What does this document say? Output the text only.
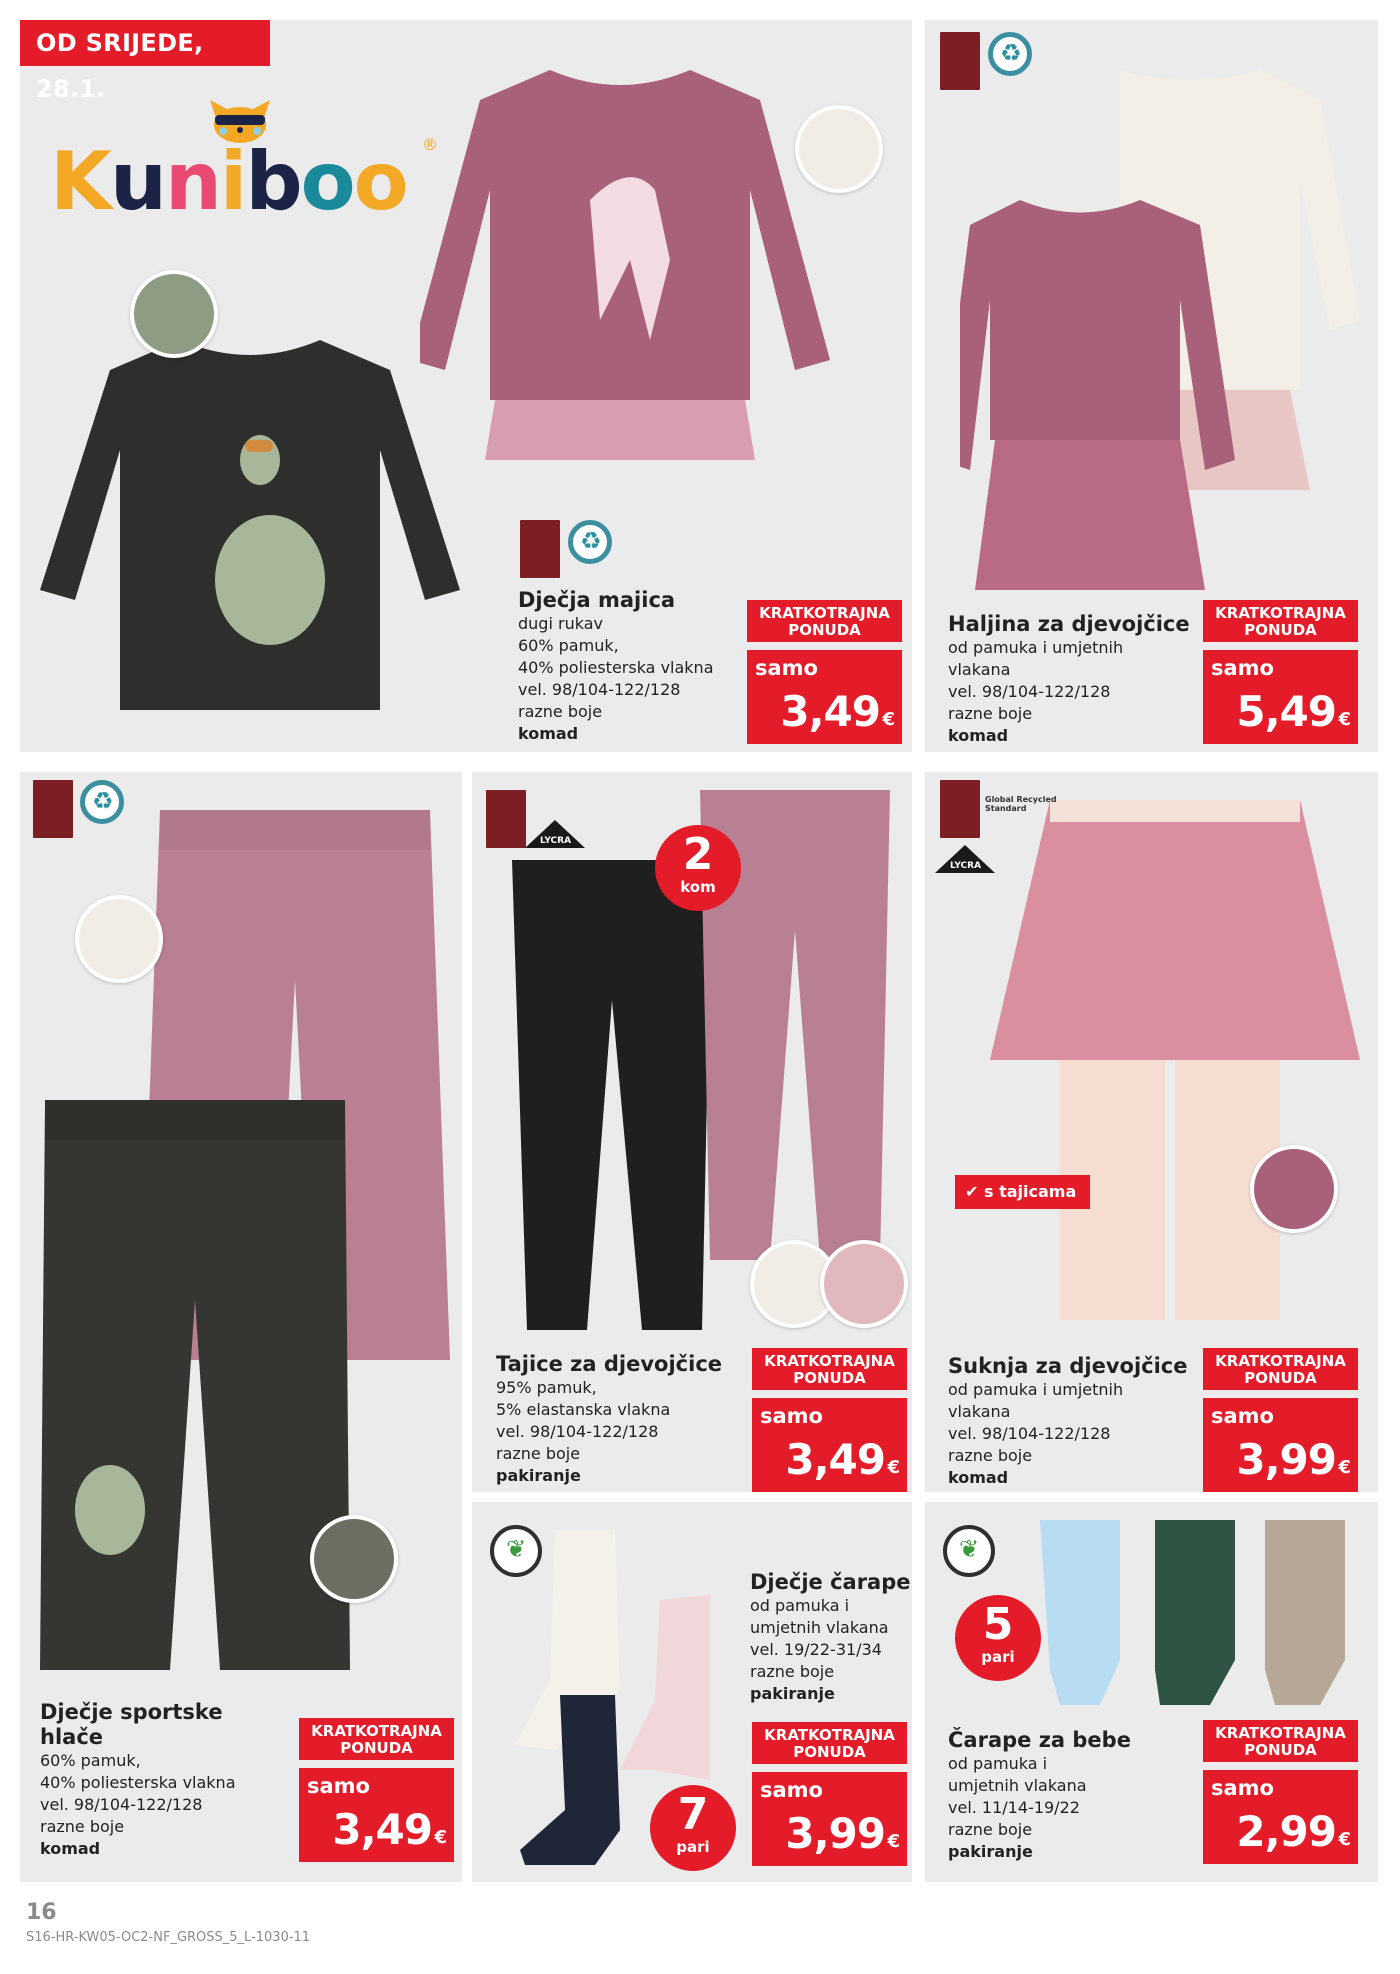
OD SRIJEDE, 28.1.
Kuniboo ®
♻
♻
♻
LYCRA
Global Recycled Standard
LYCRA
❦
❦
2
kom
7
pari
5
pari
✔ s tajicama
Dječja majica
dugi rukav
60% pamuk,
40% poliesterska vlakna
vel. 98/104-122/128
razne boje
komad
KRATKOTRAJNA PONUDA
samo
3,49 €
Haljina za djevojčice
od pamuka i umjetnih
vlakana
vel. 98/104-122/128
razne boje
komad
KRATKOTRAJNA PONUDA
samo
5,49 €
Dječje sportske
hlače
60% pamuk,
40% poliesterska vlakna
vel. 98/104-122/128
razne boje
komad
KRATKOTRAJNA PONUDA
samo
3,49 €
Tajice za djevojčice
95% pamuk,
5% elastanska vlakna
vel. 98/104-122/128
razne boje
pakiranje
KRATKOTRAJNA PONUDA
samo
3,49 €
Suknja za djevojčice
od pamuka i umjetnih
vlakana
vel. 98/104-122/128
razne boje
komad
KRATKOTRAJNA PONUDA
samo
3,99 €
Dječje čarape
od pamuka i
umjetnih vlakana
vel. 19/22-31/34
razne boje
pakiranje
KRATKOTRAJNA PONUDA
samo
3,99 €
Čarape za bebe
od pamuka i
umjetnih vlakana
vel. 11/14-19/22
razne boje
pakiranje
KRATKOTRAJNA PONUDA
samo
2,99 €
16
S16-HR-KW05-OC2-NF_GROSS_5_L-1030-11
